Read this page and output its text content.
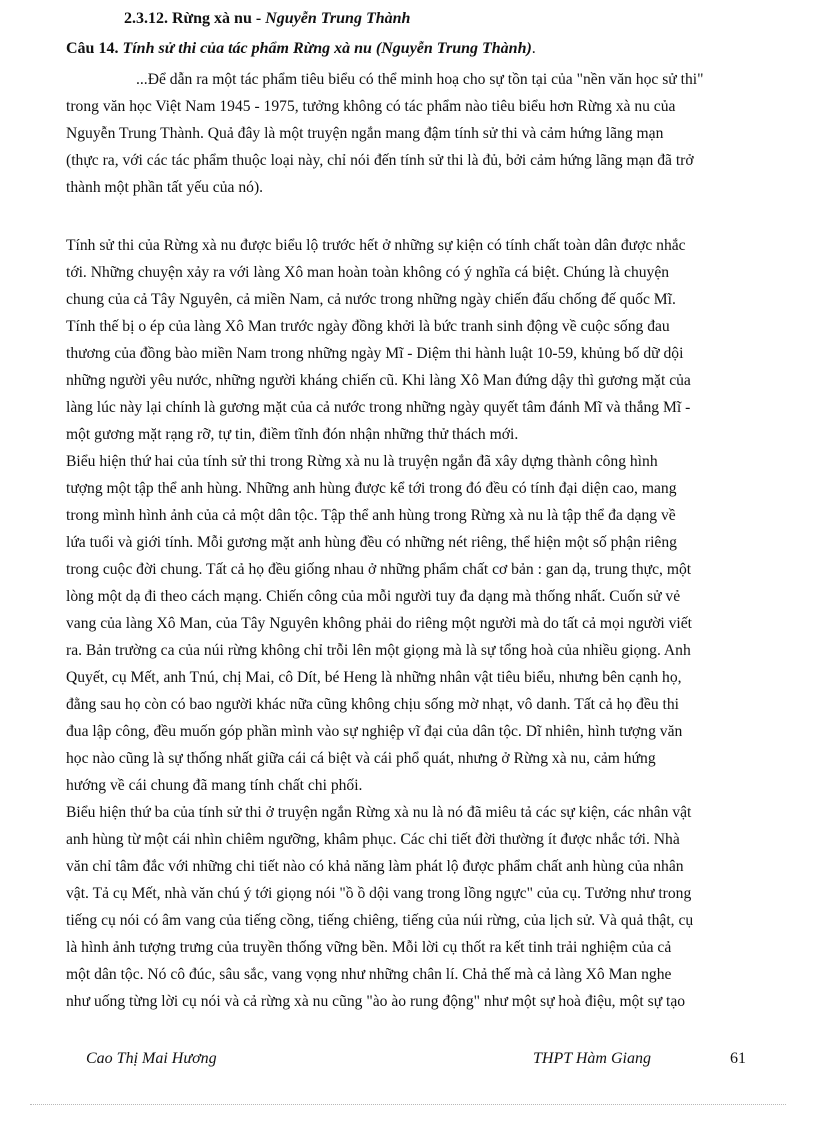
2.3.12. Rừng xà nu - Nguyễn Trung Thành
Câu 14. Tính sử thi của tác phẩm Rừng xà nu (Nguyễn Trung Thành).
...Để dẫn ra một tác phẩm tiêu biểu có thể minh hoạ cho sự tồn tại của "nền văn học sử thi"
trong văn học Việt Nam 1945 - 1975, tưởng không có tác phẩm nào tiêu biểu hơn Rừng xà nu của
Nguyễn Trung Thành. Quả đây là một truyện ngắn mang đậm tính sử thi và cảm hứng lãng mạn
(thực ra, với các tác phẩm thuộc loại này, chỉ nói đến tính sử thi là đủ, bởi cảm hứng lãng mạn đã trở
thành một phần tất yếu của nó).
Tính sử thi của Rừng xà nu được biểu lộ trước hết ở những sự kiện có tính chất toàn dân được nhắc
tới. Những chuyện xảy ra với làng Xô man hoàn toàn không có ý nghĩa cá biệt. Chúng là chuyện
chung của cả Tây Nguyên, cả miền Nam, cả nước trong những ngày chiến đấu chống đế quốc Mĩ.
Tính thế bị o ép của làng Xô Man trước ngày đồng khởi là bức tranh sinh động về cuộc sống đau
thương của đồng bào miền Nam trong những ngày Mĩ - Diệm thi hành luật 10-59, khủng bố dữ dội
những người yêu nước, những người kháng chiến cũ. Khi làng Xô Man đứng dậy thì gương mặt của
làng lúc này lại chính là gương mặt của cả nước trong những ngày quyết tâm đánh Mĩ và thắng Mĩ -
một gương mặt rạng rỡ, tự tin, điềm tĩnh đón nhận những thử thách mới.
Biểu hiện thứ hai của tính sử thi trong Rừng xà nu là truyện ngắn đã xây dựng thành công hình
tượng một tập thể anh hùng. Những anh hùng được kể tới trong đó đều có tính đại diện cao, mang
trong mình hình ảnh của cả một dân tộc. Tập thể anh hùng trong Rừng xà nu là tập thể đa dạng về
lứa tuổi và giới tính. Mỗi gương mặt anh hùng đều có những nét riêng, thể hiện một số phận riêng
trong cuộc đời chung. Tất cả họ đều giống nhau ở những phẩm chất cơ bản : gan dạ, trung thực, một
lòng một dạ đi theo cách mạng. Chiến công của mỗi người tuy đa dạng mà thống nhất. Cuốn sử vẻ
vang của làng Xô Man, của Tây Nguyên không phải do riêng một người mà do tất cả mọi người viết
ra. Bản trường ca của núi rừng không chỉ trỗi lên một giọng mà là sự tổng hoà của nhiều giọng. Anh
Quyết, cụ Mết, anh Tnú, chị Mai, cô Dít, bé Heng là những nhân vật tiêu biểu, nhưng bên cạnh họ,
đằng sau họ còn có bao người khác nữa cũng không chịu sống mờ nhạt, vô danh. Tất cả họ đều thi
đua lập công, đều muốn góp phần mình vào sự nghiệp vĩ đại của dân tộc. Dĩ nhiên, hình tượng văn
học nào cũng là sự thống nhất giữa cái cá biệt và cái phổ quát, nhưng ở Rừng xà nu, cảm hứng
hướng về cái chung đã mang tính chất chi phối.
Biểu hiện thứ ba của tính sử thi ở truyện ngắn Rừng xà nu là nó đã miêu tả các sự kiện, các nhân vật
anh hùng từ một cái nhìn chiêm ngưỡng, khâm phục. Các chi tiết đời thường ít được nhắc tới. Nhà
văn chỉ tâm đắc với những chi tiết nào có khả năng làm phát lộ được phẩm chất anh hùng của nhân
vật. Tả cụ Mết, nhà văn chú ý tới giọng nói "ồ ồ dội vang trong lồng ngực" của cụ. Tưởng như trong
tiếng cụ nói có âm vang của tiếng cồng, tiếng chiêng, tiếng của núi rừng, của lịch sử. Và quả thật, cụ
là hình ảnh tượng trưng của truyền thống vững bền. Mỗi lời cụ thốt ra kết tinh trải nghiệm của cả
một dân tộc. Nó cô đúc, sâu sắc, vang vọng như những chân lí. Chả thế mà cả làng Xô Man nghe
như uống từng lời cụ nói và cả rừng xà nu cũng "ào ào rung động" như một sự hoà điệu, một sự tạo
Cao Thị Mai Hương	THPT Hàm Giang	61
